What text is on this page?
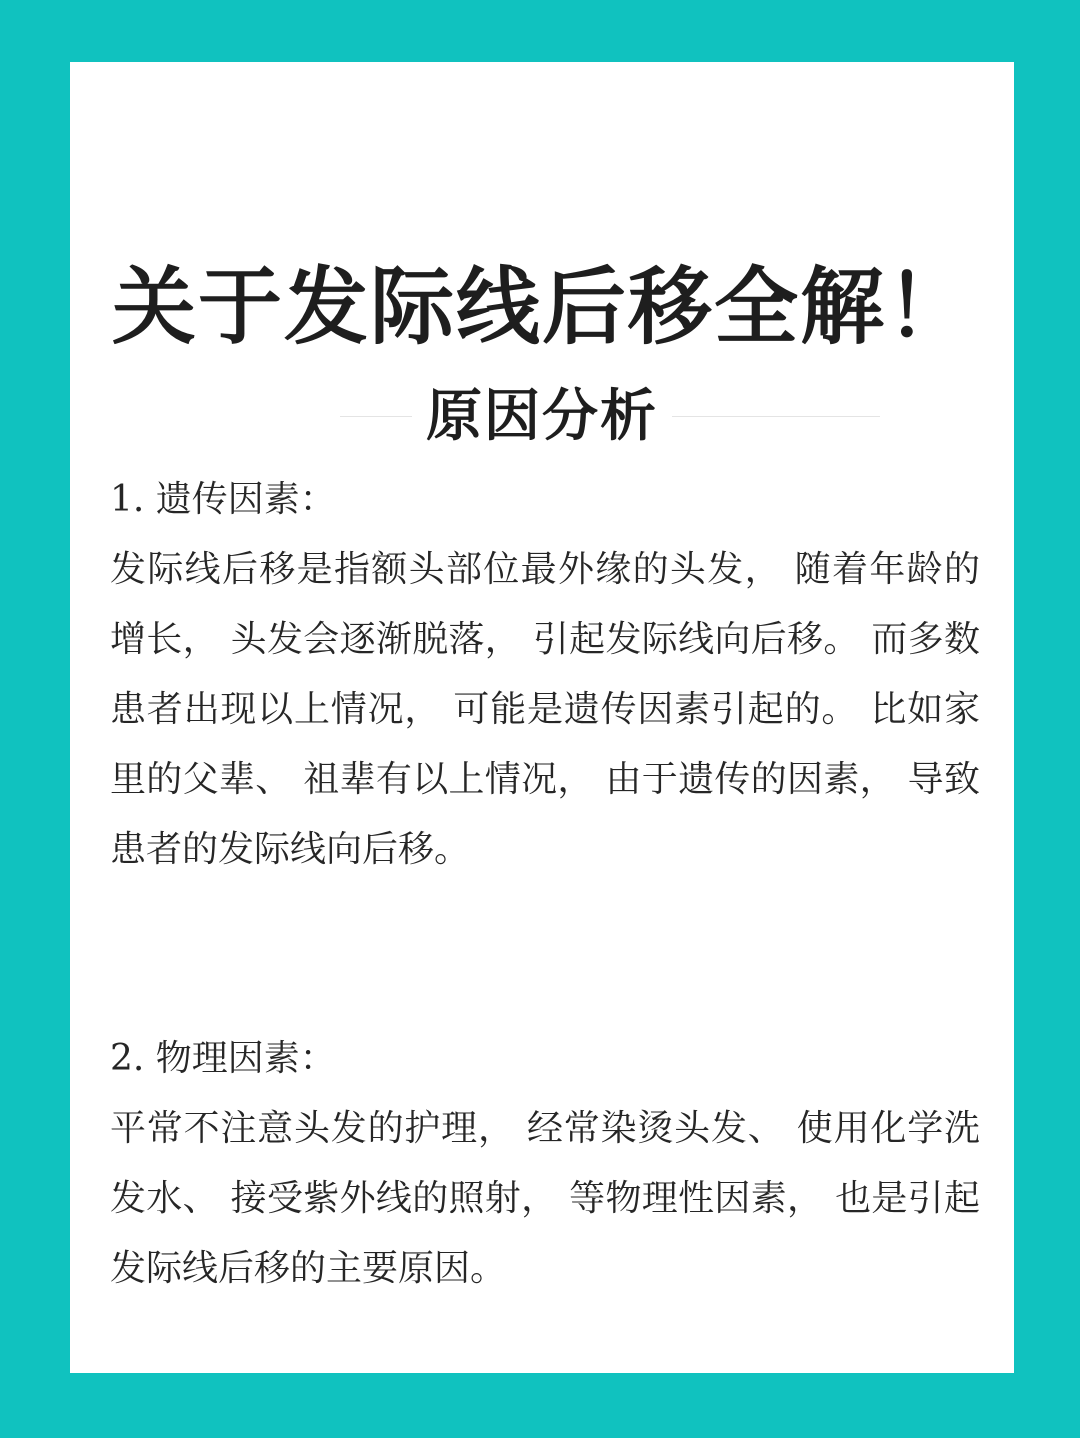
关于发际线后移全解！
原因分析
1. 遗传因素：

发际线后移是指额头部位最外缘的头发， 随着年龄的增长， 头发会逐渐脱落， 引起发际线向后移。 而多数患者出现以上情况， 可能是遗传因素引起的。 比如家里的父辈、 祖辈有以上情况， 由于遗传的因素， 导致患者的发际线向后移。

2. 物理因素：

平常不注意头发的护理， 经常染烫头发、 使用化学洗发水、 接受紫外线的照射， 等物理性因素， 也是引起发际线后移的主要原因。
